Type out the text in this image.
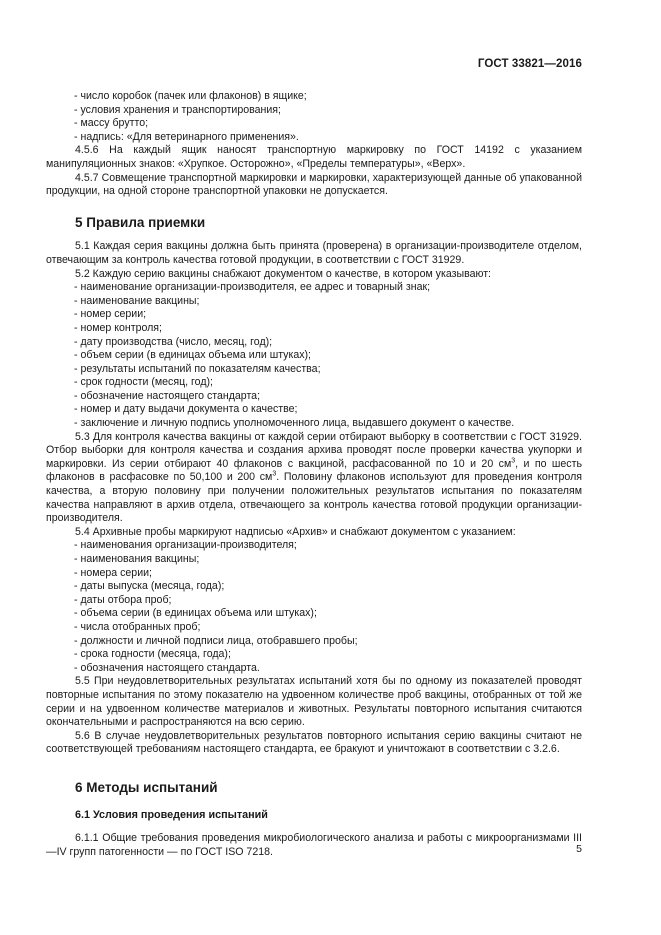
ГОСТ 33821—2016
- число коробок (пачек или флаконов) в ящике;
- условия хранения и транспортирования;
- массу брутто;
- надпись: «Для ветеринарного применения».
4.5.6 На каждый ящик наносят транспортную маркировку по ГОСТ 14192 с указанием манипуляционных знаков: «Хрупкое. Осторожно», «Пределы температуры», «Верх».
4.5.7 Совмещение транспортной маркировки и маркировки, характеризующей данные об упакованной продукции, на одной стороне транспортной упаковки не допускается.
5 Правила приемки
5.1 Каждая серия вакцины должна быть принята (проверена) в организации-производителе отделом, отвечающим за контроль качества готовой продукции, в соответствии с ГОСТ 31929.
5.2 Каждую серию вакцины снабжают документом о качестве, в котором указывают:
- наименование организации-производителя, ее адрес и товарный знак;
- наименование вакцины;
- номер серии;
- номер контроля;
- дату производства (число, месяц, год);
- объем серии (в единицах объема или штуках);
- результаты испытаний по показателям качества;
- срок годности (месяц, год);
- обозначение настоящего стандарта;
- номер и дату выдачи документа о качестве;
- заключение и личную подпись уполномоченного лица, выдавшего документ о качестве.
5.3 Для контроля качества вакцины от каждой серии отбирают выборку в соответствии с ГОСТ 31929. Отбор выборки для контроля качества и создания архива проводят после проверки качества укупорки и маркировки. Из серии отбирают 40 флаконов с вакциной, расфасованной по 10 и 20 $см^3$, и по шесть флаконов в расфасовке по 50,100 и 200 $см^3$. Половину флаконов используют для проведения контроля качества, а вторую половину при получении положительных результатов испытания по показателям качества направляют в архив отдела, отвечающего за контроль качества готовой продукции организации-производителя.
5.4 Архивные пробы маркируют надписью «Архив» и снабжают документом с указанием:
- наименования организации-производителя;
- наименования вакцины;
- номера серии;
- даты выпуска (месяца, года);
- даты отбора проб;
- объема серии (в единицах объема или штуках);
- числа отобранных проб;
- должности и личной подписи лица, отобравшего пробы;
- срока годности (месяца, года);
- обозначения настоящего стандарта.
5.5 При неудовлетворительных результатах испытаний хотя бы по одному из показателей проводят повторные испытания по этому показателю на удвоенном количестве проб вакцины, отобранных от той же серии и на удвоенном количестве материалов и животных. Результаты повторного испытания считаются окончательными и распространяются на всю серию.
5.6 В случае неудовлетворительных результатов повторного испытания серию вакцины считают не соответствующей требованиям настоящего стандарта, ее бракуют и уничтожают в соответствии с 3.2.6.
6 Методы испытаний
6.1 Условия проведения испытаний
6.1.1 Общие требования проведения микробиологического анализа и работы с микроорганизмами III—IV групп патогенности — по ГОСТ ISO 7218.	5
